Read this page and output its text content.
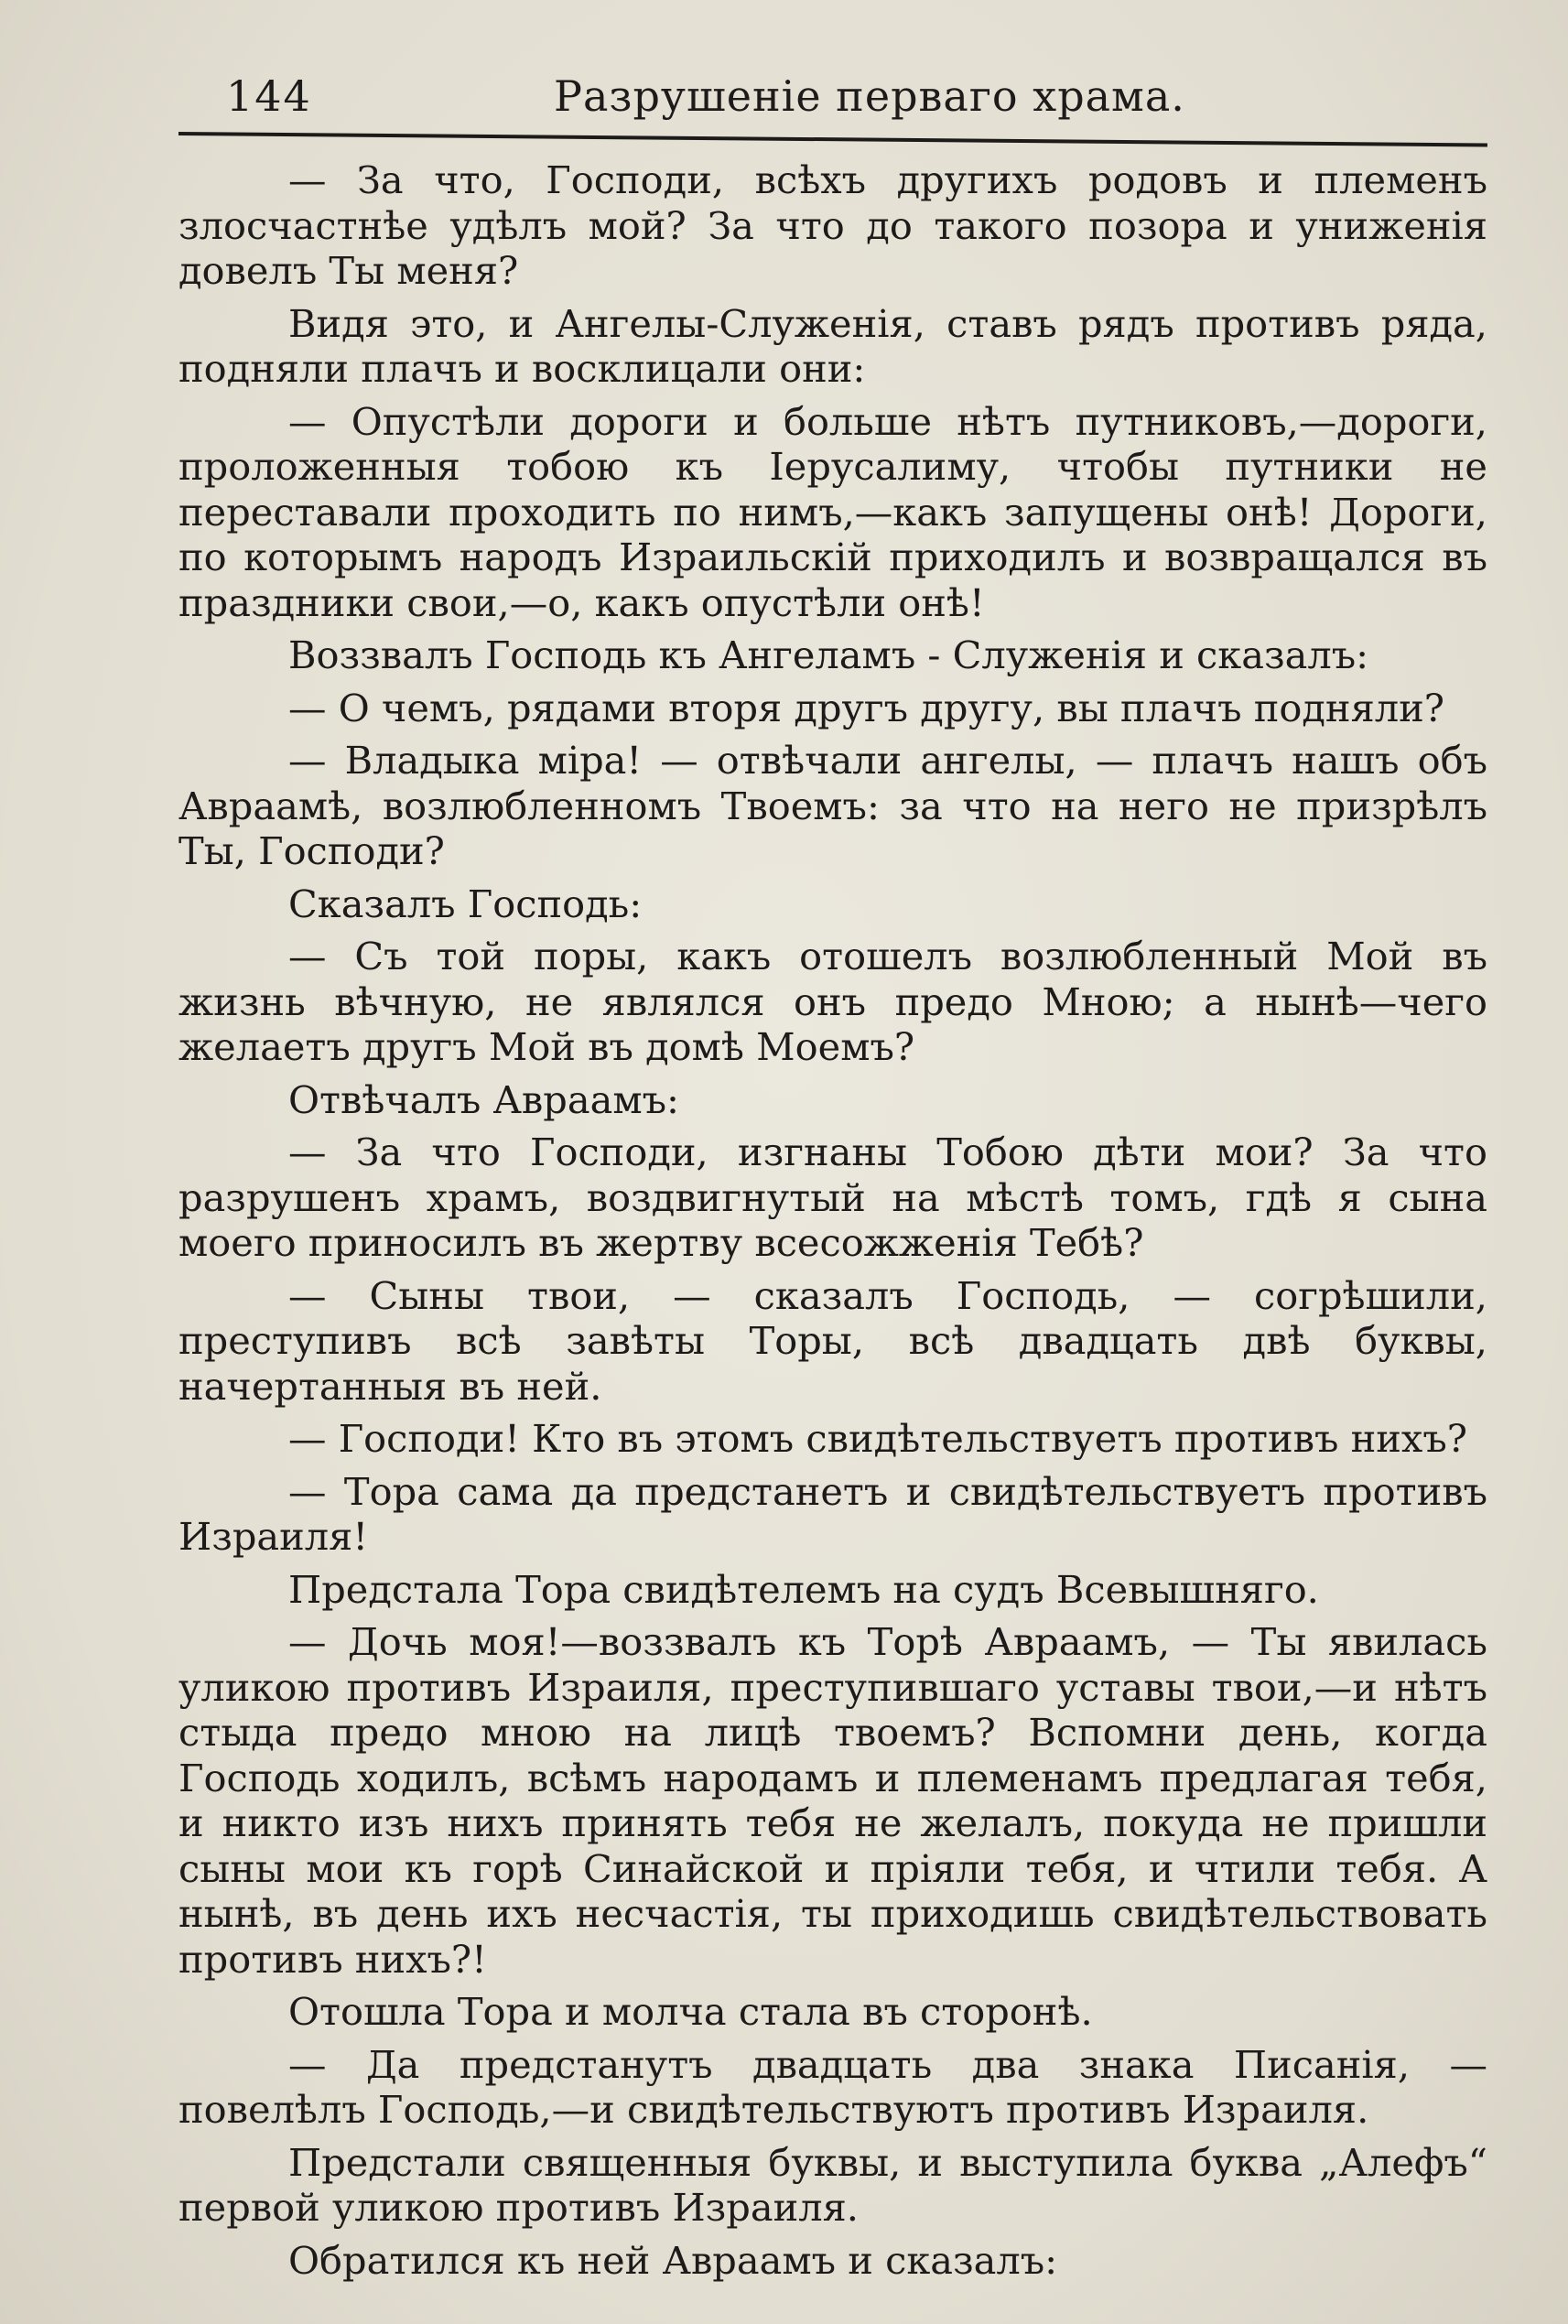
144	Разрушеніе перваго храма.

— За что, Господи, всѣхъ другихъ родовъ и племенъ злосчастнѣе удѣлъ мой? За что до такого позора и униженія довелъ Ты меня?

Видя это, и Ангелы-Служенія, ставъ рядъ противъ ряда, подняли плачъ и восклицали они:

— Опустѣли дороги и больше нѣтъ путниковъ,—дороги, проложенныя тобою къ Іерусалиму, чтобы путники не переставали проходить по нимъ,—какъ запущены онѣ! Дороги, по которымъ народъ Израильскій приходилъ и возвращался въ праздники свои,—о, какъ опустѣли онѣ!

Воззвалъ Господь къ Ангеламъ - Служенія и сказалъ:

— О чемъ, рядами вторя другъ другу, вы плачъ подняли?

— Владыка міра! — отвѣчали ангелы, — плачъ нашъ объ Авраамѣ, возлюбленномъ Твоемъ: за что на него не призрѣлъ Ты, Господи?

Сказалъ Господь:

— Съ той поры, какъ отошелъ возлюбленный Мой въ жизнь вѣчную, не являлся онъ предо Мною; а нынѣ—чего желаетъ другъ Мой въ домѣ Моемъ?

Отвѣчалъ Авраамъ:

— За что Господи, изгнаны Тобою дѣти мои? За что разрушенъ храмъ, воздвигнутый на мѣстѣ томъ, гдѣ я сына моего приносилъ въ жертву всесожженія Тебѣ?

— Сыны твои, — сказалъ Господь, — согрѣшили, преступивъ всѣ завѣты Торы, всѣ двадцать двѣ буквы, начертанныя въ ней.

— Господи! Кто въ этомъ свидѣтельствуетъ противъ нихъ?

— Тора сама да предстанетъ и свидѣтельствуетъ противъ Израиля!

Предстала Тора свидѣтелемъ на судъ Всевышняго.

— Дочь моя!—воззвалъ къ Торѣ Авраамъ, — Ты явилась уликою противъ Израиля, преступившаго уставы твои,—и нѣтъ стыда предо мною на лицѣ твоемъ? Вспомни день, когда Господь ходилъ, всѣмъ народамъ и племенамъ предлагая тебя, и никто изъ нихъ принять тебя не желалъ, покуда не пришли сыны мои къ горѣ Синайской и пріяли тебя, и чтили тебя. А нынѣ, въ день ихъ несчастія, ты приходишь свидѣтельствовать противъ нихъ?!

Отошла Тора и молча стала въ сторонѣ.

— Да предстанутъ двадцать два знака Писанія, — повелѣлъ Господь,—и свидѣтельствуютъ противъ Израиля.

Предстали священныя буквы, и выступила буква „Алефъ“ первой уликою противъ Израиля.

Обратился къ ней Авраамъ и сказалъ:
